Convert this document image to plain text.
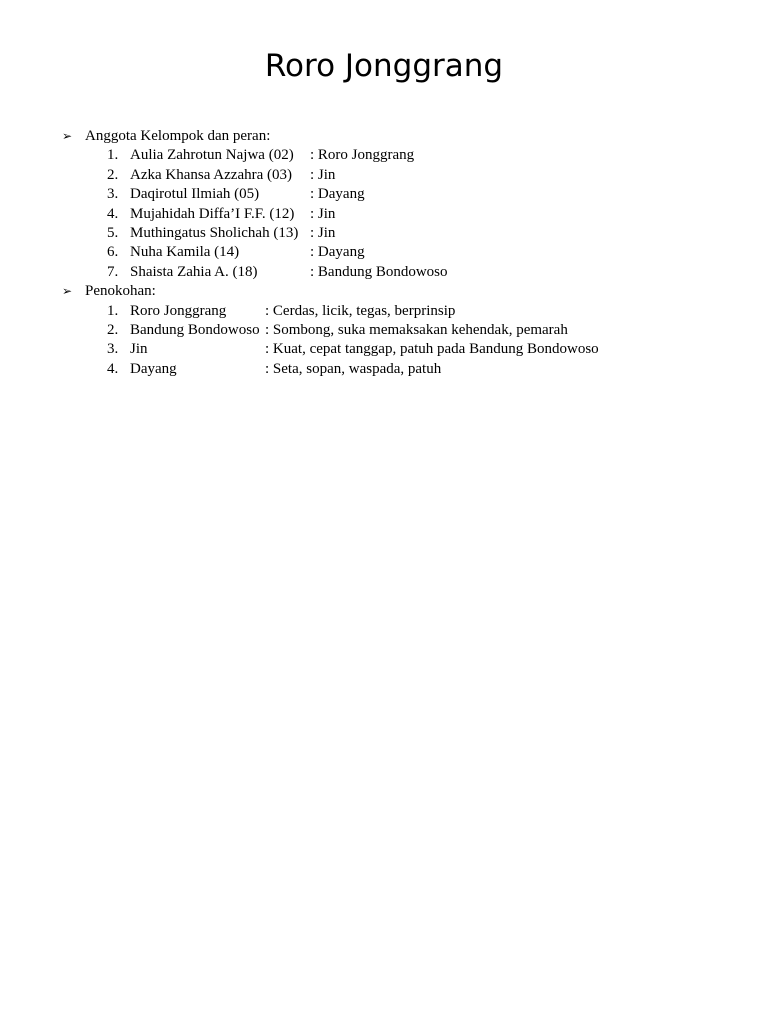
Roro Jonggrang
➢ Anggota Kelompok dan peran:
1. Aulia Zahrotun Najwa (02) : Roro Jonggrang
2. Azka Khansa Azzahra (03) : Jin
3. Daqirotul Ilmiah (05)	: Dayang
4. Mujahidah Diffa’I F.F. (12) : Jin
5. Muthingatus Sholichah (13) : Jin
6. Nuha Kamila (14)	: Dayang
7. Shaista Zahia A. (18)	: Bandung Bondowoso
➢ Penokohan:
1. Roro Jonggrang	: Cerdas, licik, tegas, berprinsip
2. Bandung Bondowoso : Sombong, suka memaksakan kehendak, pemarah
3. Jin	: Kuat, cepat tanggap, patuh pada Bandung Bondowoso
4. Dayang	: Seta, sopan, waspada, patuh
